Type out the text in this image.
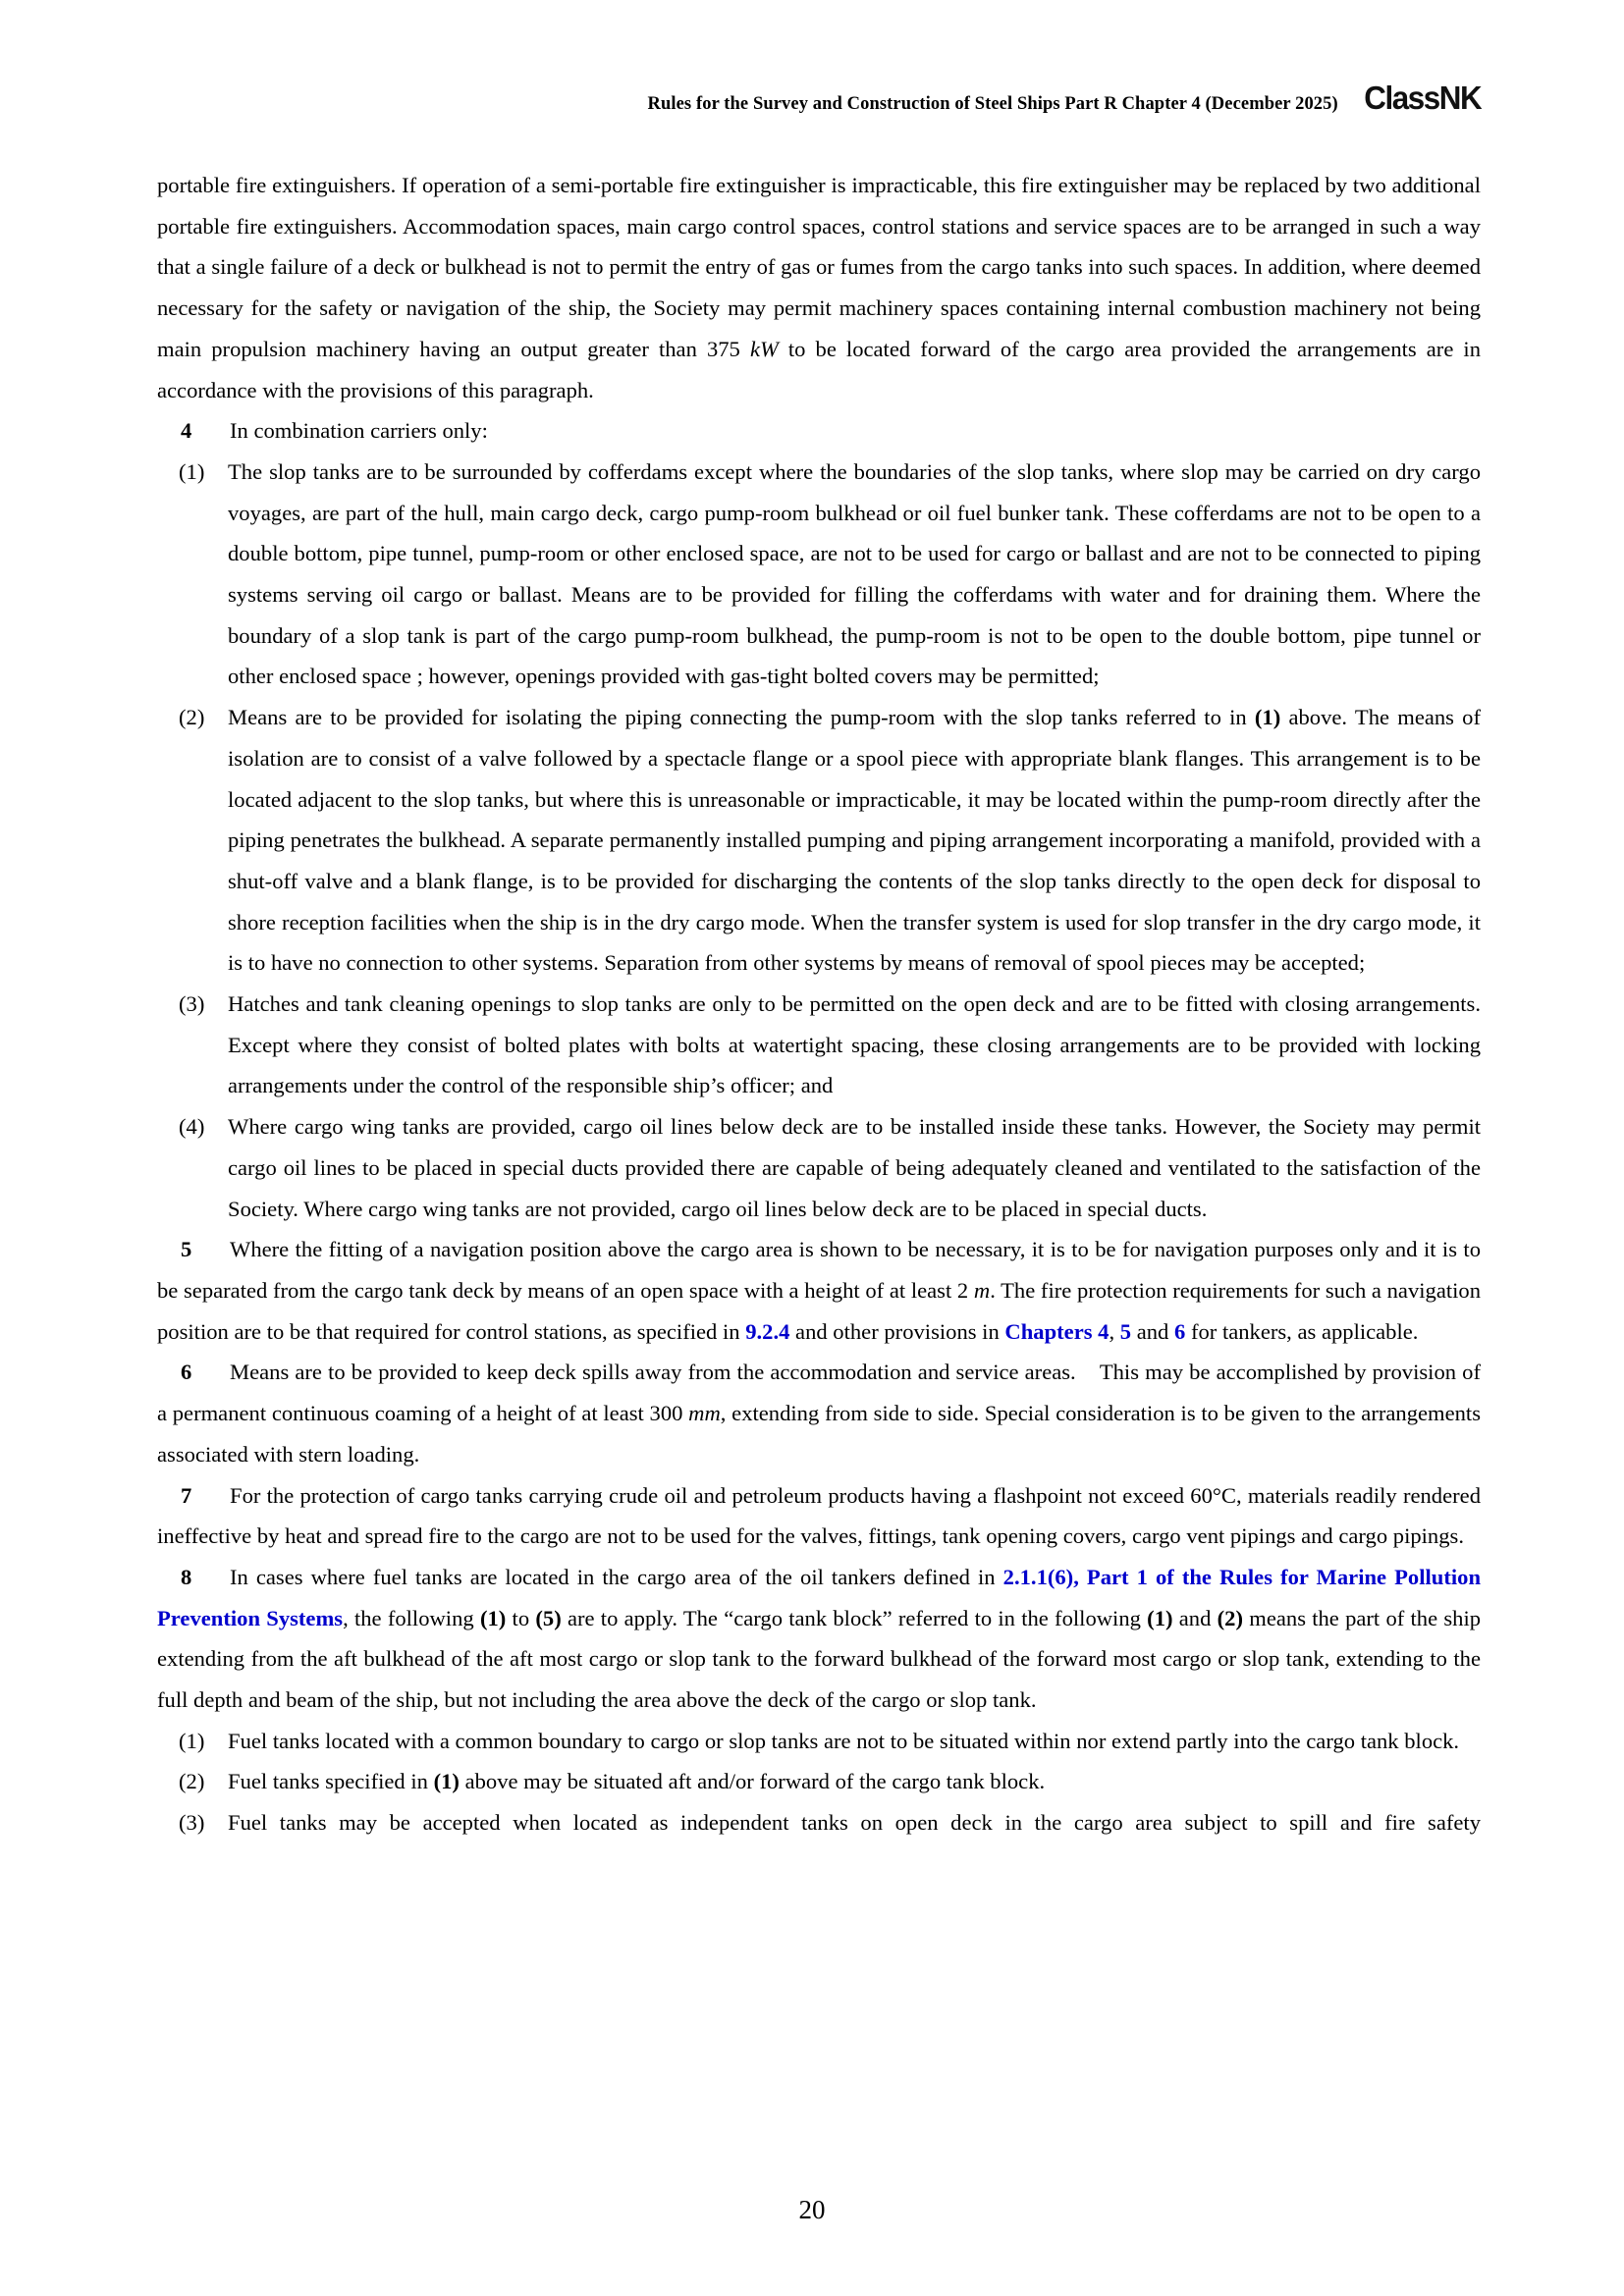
Rules for the Survey and Construction of Steel Ships Part R Chapter 4 (December 2025) ClassNK

portable fire extinguishers. If operation of a semi-portable fire extinguisher is impracticable, this fire extinguisher may be replaced by two additional portable fire extinguishers. Accommodation spaces, main cargo control spaces, control stations and service spaces are to be arranged in such a way that a single failure of a deck or bulkhead is not to permit the entry of gas or fumes from the cargo tanks into such spaces. In addition, where deemed necessary for the safety or navigation of the ship, the Society may permit machinery spaces containing internal combustion machinery not being main propulsion machinery having an output greater than 375 kW to be located forward of the cargo area provided the arrangements are in accordance with the provisions of this paragraph.

4 In combination carriers only:

(1) The slop tanks are to be surrounded by cofferdams except where the boundaries of the slop tanks, where slop may be carried on dry cargo voyages, are part of the hull, main cargo deck, cargo pump-room bulkhead or oil fuel bunker tank. These cofferdams are not to be open to a double bottom, pipe tunnel, pump-room or other enclosed space, are not to be used for cargo or ballast and are not to be connected to piping systems serving oil cargo or ballast. Means are to be provided for filling the cofferdams with water and for draining them. Where the boundary of a slop tank is part of the cargo pump-room bulkhead, the pump-room is not to be open to the double bottom, pipe tunnel or other enclosed space ; however, openings provided with gas-tight bolted covers may be permitted;

(2) Means are to be provided for isolating the piping connecting the pump-room with the slop tanks referred to in (1) above. The means of isolation are to consist of a valve followed by a spectacle flange or a spool piece with appropriate blank flanges. This arrangement is to be located adjacent to the slop tanks, but where this is unreasonable or impracticable, it may be located within the pump-room directly after the piping penetrates the bulkhead. A separate permanently installed pumping and piping arrangement incorporating a manifold, provided with a shut-off valve and a blank flange, is to be provided for discharging the contents of the slop tanks directly to the open deck for disposal to shore reception facilities when the ship is in the dry cargo mode. When the transfer system is used for slop transfer in the dry cargo mode, it is to have no connection to other systems. Separation from other systems by means of removal of spool pieces may be accepted;

(3) Hatches and tank cleaning openings to slop tanks are only to be permitted on the open deck and are to be fitted with closing arrangements. Except where they consist of bolted plates with bolts at watertight spacing, these closing arrangements are to be provided with locking arrangements under the control of the responsible ship’s officer; and

(4) Where cargo wing tanks are provided, cargo oil lines below deck are to be installed inside these tanks. However, the Society may permit cargo oil lines to be placed in special ducts provided there are capable of being adequately cleaned and ventilated to the satisfaction of the Society. Where cargo wing tanks are not provided, cargo oil lines below deck are to be placed in special ducts.

5 Where the fitting of a navigation position above the cargo area is shown to be necessary, it is to be for navigation purposes only and it is to be separated from the cargo tank deck by means of an open space with a height of at least 2 m. The fire protection requirements for such a navigation position are to be that required for control stations, as specified in 9.2.4 and other provisions in Chapters 4, 5 and 6 for tankers, as applicable.

6 Means are to be provided to keep deck spills away from the accommodation and service areas.    This may be accomplished by provision of a permanent continuous coaming of a height of at least 300 mm, extending from side to side. Special consideration is to be given to the arrangements associated with stern loading.

7 For the protection of cargo tanks carrying crude oil and petroleum products having a flashpoint not exceed 60°C, materials readily rendered ineffective by heat and spread fire to the cargo are not to be used for the valves, fittings, tank opening covers, cargo vent pipings and cargo pipings.

8 In cases where fuel tanks are located in the cargo area of the oil tankers defined in 2.1.1(6), Part 1 of the Rules for Marine Pollution Prevention Systems, the following (1) to (5) are to apply. The “cargo tank block” referred to in the following (1) and (2) means the part of the ship extending from the aft bulkhead of the aft most cargo or slop tank to the forward bulkhead of the forward most cargo or slop tank, extending to the full depth and beam of the ship, but not including the area above the deck of the cargo or slop tank.

(1) Fuel tanks located with a common boundary to cargo or slop tanks are not to be situated within nor extend partly into the cargo tank block.

(2) Fuel tanks specified in (1) above may be situated aft and/or forward of the cargo tank block.

(3) Fuel tanks may be accepted when located as independent tanks on open deck in the cargo area subject to spill and fire safety

20
